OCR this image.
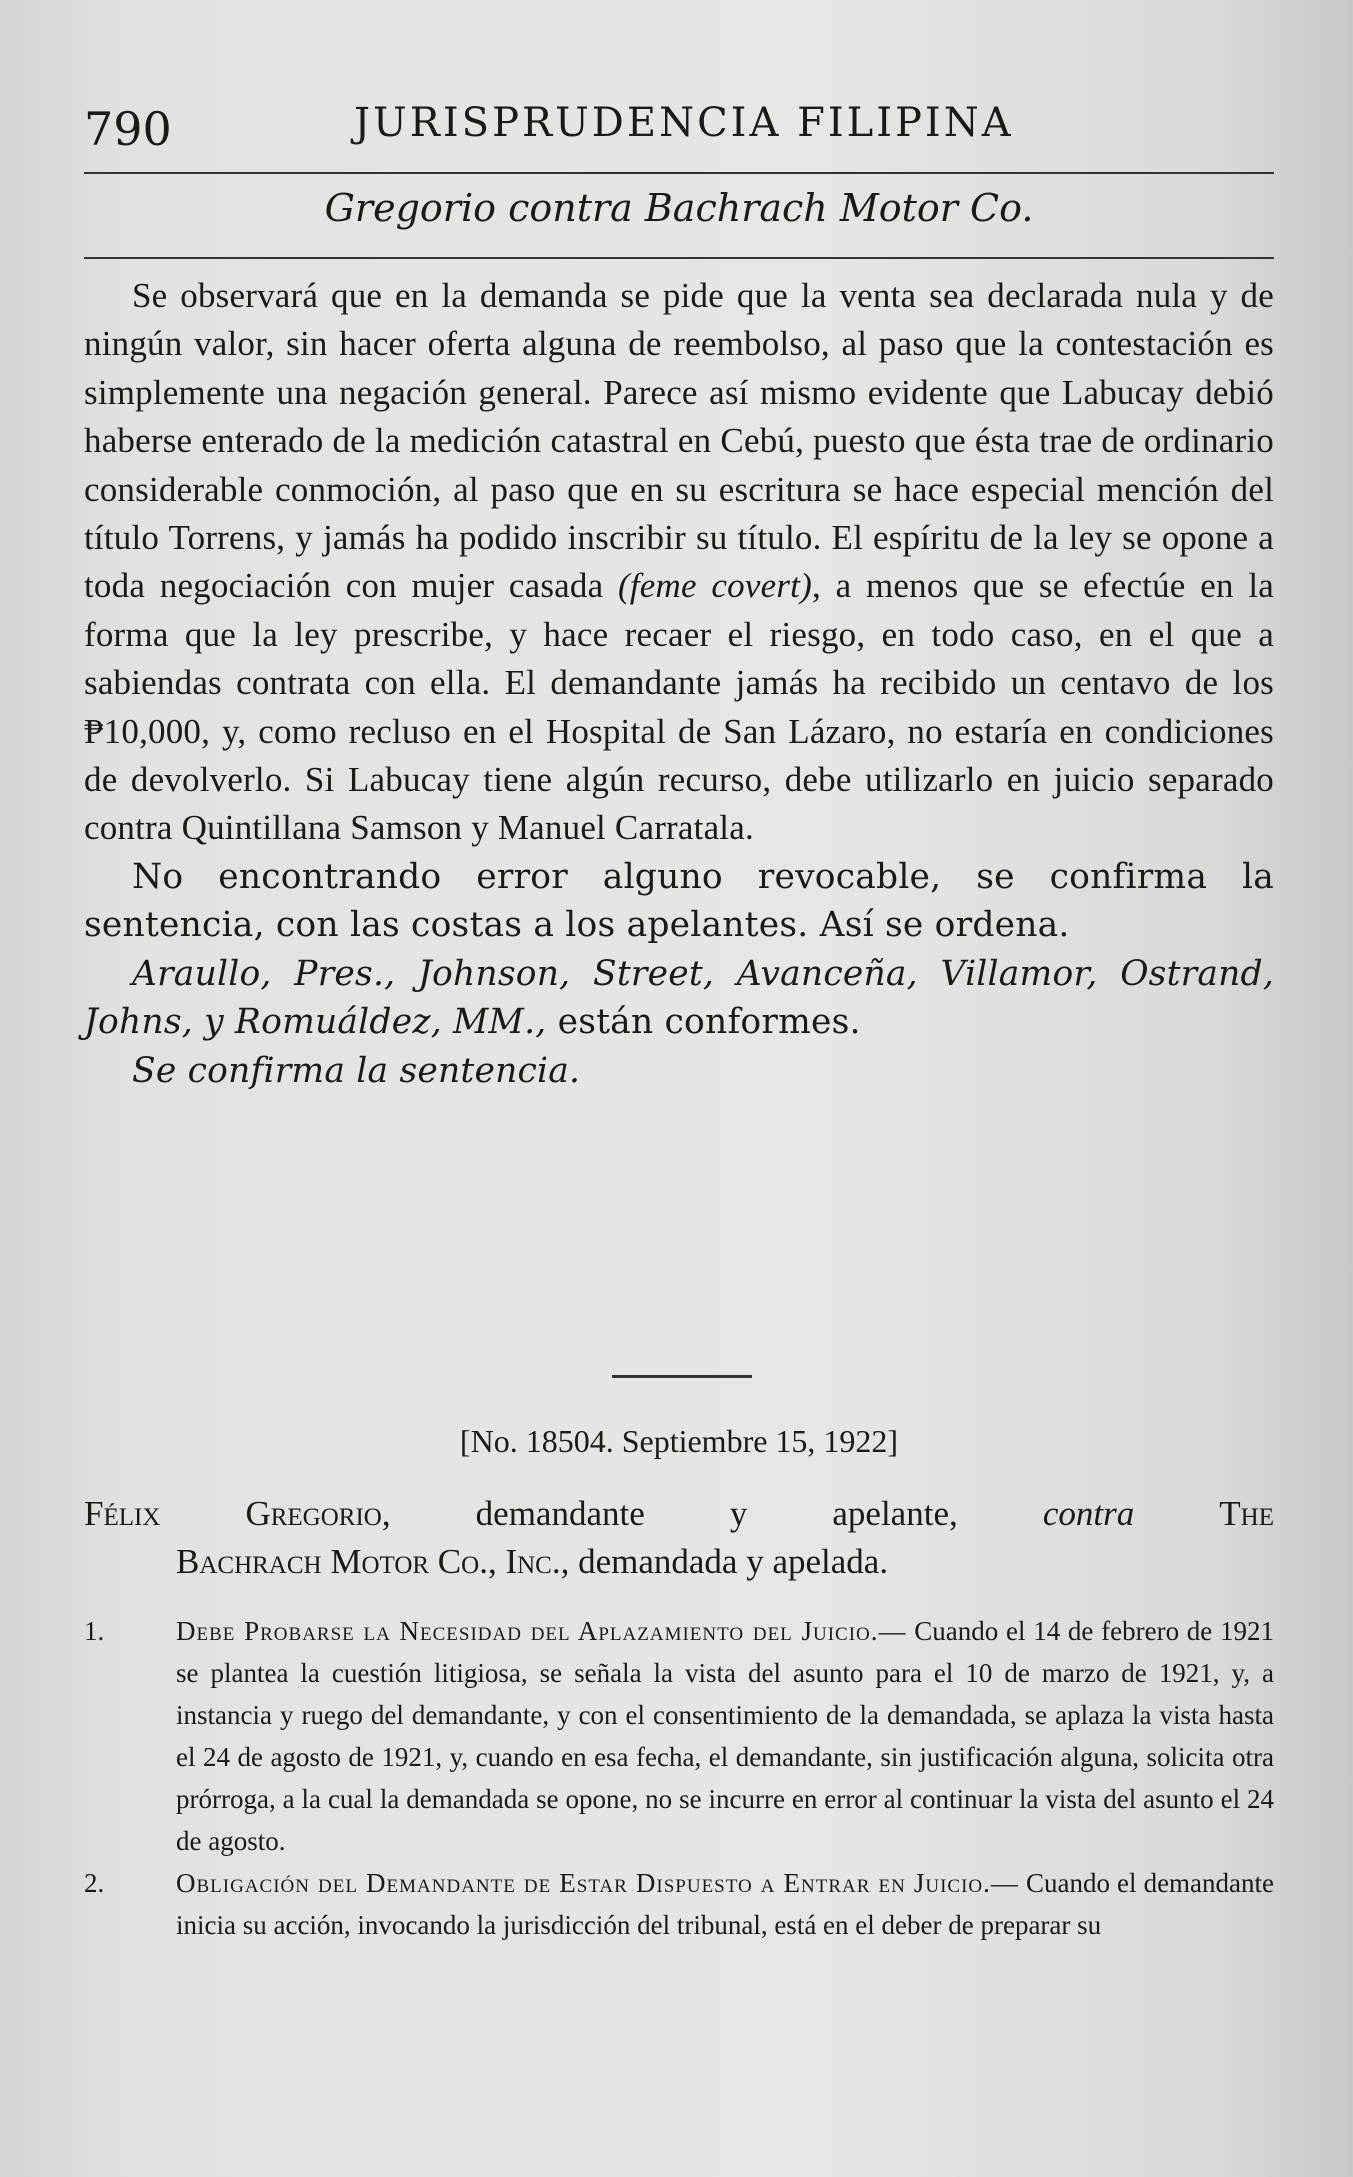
790	JURISPRUDENCIA FILIPINA
Gregorio contra Bachrach Motor Co.

Se observará que en la demanda se pide que la venta sea declarada nula y de ningún valor, sin hacer oferta alguna de reembolso, al paso que la contestación es simplemente una negación general. Parece así mismo evidente que Labucay debió haberse enterado de la medición catastral en Cebú, puesto que ésta trae de ordinario considerable conmoción, al paso que en su escritura se hace especial mención del título Torrens, y jamás ha podido inscribir su título. El espíritu de la ley se opone a toda negociación con mujer casada (feme covert), a menos que se efectúe en la forma que la ley prescribe, y hace recaer el riesgo, en todo caso, en el que a sabiendas contrata con ella. El demandante jamás ha recibido un centavo de los ₱10,000, y, como recluso en el Hospital de San Lázaro, no estaría en condiciones de devolverlo. Si Labucay tiene algún recurso, debe utilizarlo en juicio separado contra Quintillana Samson y Manuel Carratala.

No encontrando error alguno revocable, se confirma la sentencia, con las costas a los apelantes. Así se ordena.

Araullo, Pres., Johnson, Street, Avanceña, Villamor, Ostrand, Johns, y Romuáldez, MM., están conformes.

Se confirma la sentencia.

[No. 18504. Septiembre 15, 1922]
Félix Gregorio, demandante y apelante, contra The
Bachrach Motor Co., Inc., demandada y apelada.
1.	Debe Probarse la Necesidad del Aplazamiento del Juicio.— Cuando el 14 de febrero de 1921 se plantea la cuestión litigiosa, se señala la vista del asunto para el 10 de marzo de 1921, y, a instancia y ruego del demandante, y con el consentimiento de la demandada, se aplaza la vista hasta el 24 de agosto de 1921, y, cuando en esa fecha, el demandante, sin justificación alguna, solicita otra prórroga, a la cual la demandada se opone, no se incurre en error al continuar la vista del asunto el 24 de agosto.
2.	Obligación del Demandante de Estar Dispuesto a Entrar en Juicio.— Cuando el demandante inicia su acción, invocando la jurisdicción del tribunal, está en el deber de preparar su
